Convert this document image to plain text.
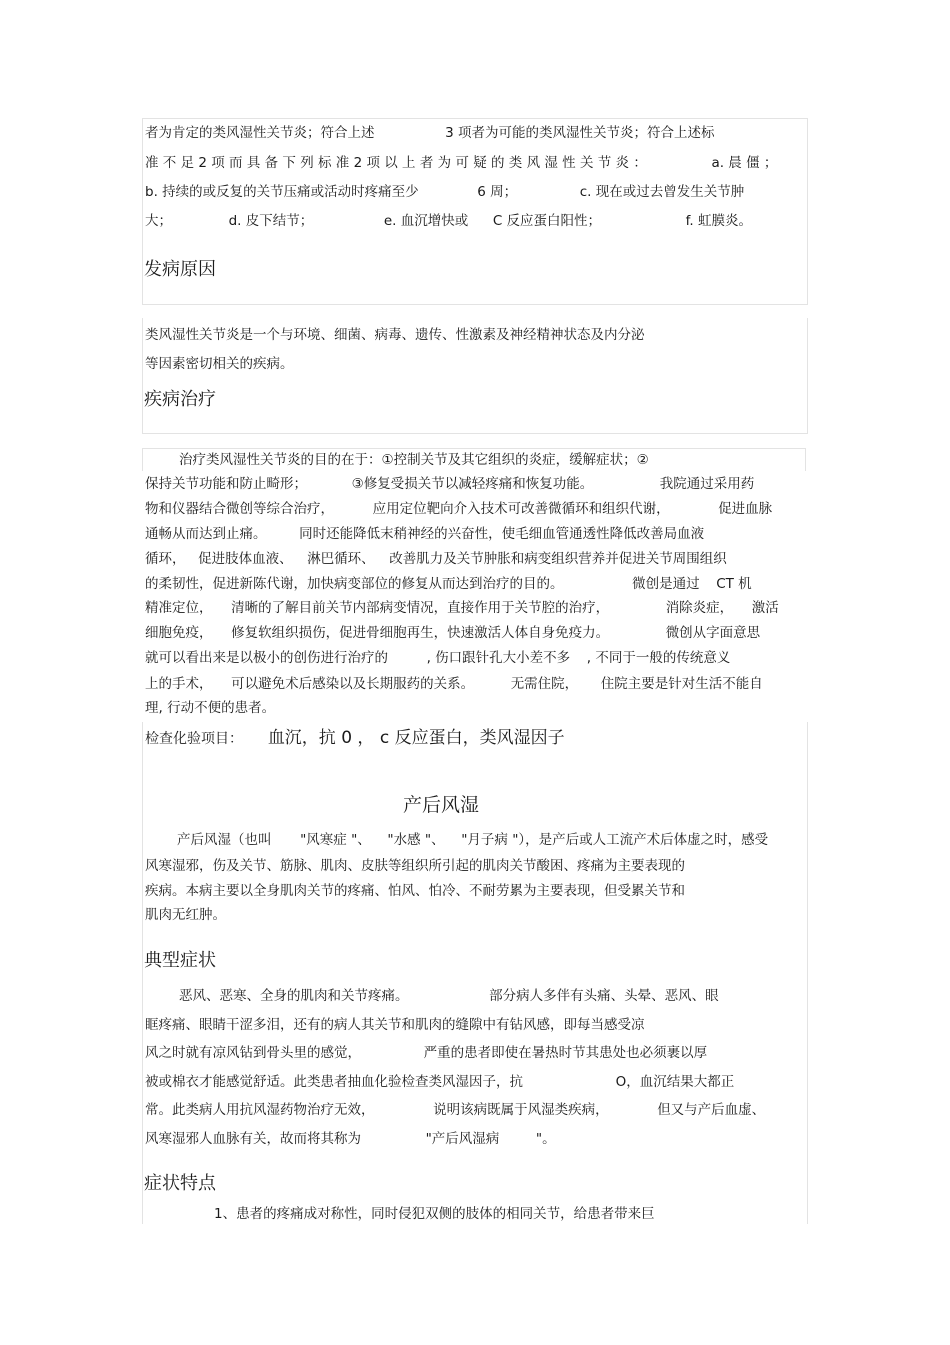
者为肯定的类风湿性关节炎；符合上述	3 项者为可能的类风湿性关节炎；符合上述标
准 不 足 2 项 而 具 备 下 列 标 准 2 项 以 上 者 为 可 疑 的 类 风 湿 性 关 节 炎 ：	a. 晨 僵 ；
b. 持续的或反复的关节压痛或活动时疼痛至少	6 周；	c. 现在或过去曾发生关节肿
大；	d. 皮下结节；	e. 血沉增快或 C 反应蛋白阳性；	f. 虹膜炎。
发病原因
类风湿性关节炎是一个与环境、细菌、病毒、遗传、性激素及神经精神状态及内分泌
等因素密切相关的疾病。
疾病治疗
治疗类风湿性关节炎的目的在于：①控制关节及其它组织的炎症，缓解症状；②
保持关节功能和防止畸形；	③修复受损关节以减轻疼痛和恢复功能。	我院通过采用药
物和仪器结合微创等综合治疗，	应用定位靶向介入技术可改善微循环和组织代谢，	促进血脉
通畅从而达到止痛。 同时还能降低末稍神经的兴奋性，使毛细血管通透性降低改善局血液
循环， 促进肢体血液、 淋巴循环、 改善肌力及关节肿胀和病变组织营养并促进关节周围组织
的柔韧性，促进新陈代谢，加快病变部位的修复从而达到治疗的目的。	微创是通过 CT 机
精准定位， 清晰的了解目前关节内部病变情况，直接作用于关节腔的治疗，	消除炎症， 激活
细胞免疫， 修复软组织损伤，促进骨细胞再生，快速激活人体自身免疫力。	微创从字面意思
就可以看出来是以极小的创伤进行治疗的	, 伤口跟针孔大小差不多 , 不同于一般的传统意义
上的手术， 可以避免术后感染以及长期服药的关系。	无需住院， 住院主要是针对生活不能自
理, 行动不便的患者。
检查化验项目： 血沉，抗 0 ， c 反应蛋白，类风湿因子
产后风湿
产后风湿（也叫 "风寒症 "、 "水感 "、 "月子病 "），是产后或人工流产术后体虚之时，感受
风寒湿邪，伤及关节、筋脉、肌肉、皮肤等组织所引起的肌肉关节酸困、疼痛为主要表现的
疾病。本病主要以全身肌肉关节的疼痛、怕风、怕冷、不耐劳累为主要表现，但受累关节和
肌肉无红肿。
典型症状
恶风、恶寒、全身的肌肉和关节疼痛。	部分病人多伴有头痛、头晕、恶风、眼
眶疼痛、眼睛干涩多泪，还有的病人其关节和肌肉的缝隙中有钻风感，即每当感受凉
风之时就有凉风钻到骨头里的感觉，	严重的患者即使在暑热时节其患处也必须裹以厚
被或棉衣才能感觉舒适。此类患者抽血化验检查类风湿因子，抗	O，血沉结果大都正
常。此类病人用抗风湿药物治疗无效，	说明该病既属于风湿类疾病，	但又与产后血虚、
风寒湿邪人血脉有关，故而将其称为	"产后风湿病	"。
症状特点
1、患者的疼痛成对称性，同时侵犯双侧的肢体的相同关节，给患者带来巨
